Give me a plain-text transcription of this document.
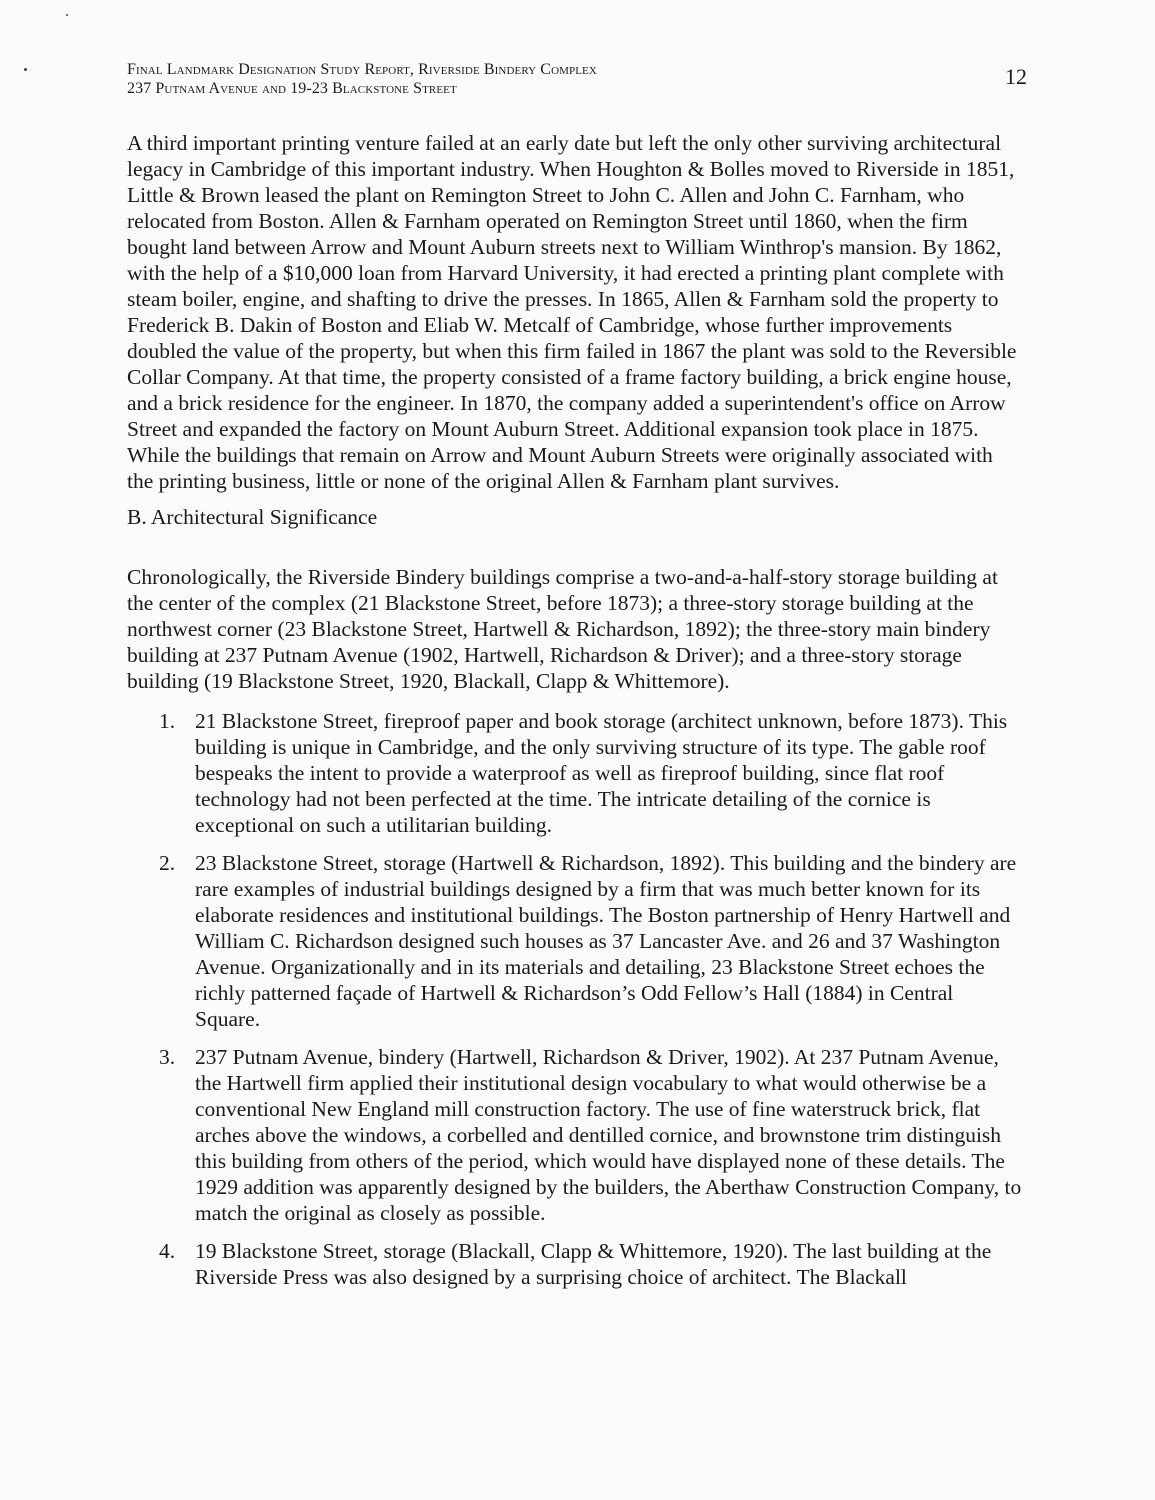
Final Landmark Designation Study Report, Riverside Bindery Complex
237 Putnam Avenue and 19-23 Blackstone Street	12

A third important printing venture failed at an early date but left the only other surviving architectural legacy in Cambridge of this important industry. When Houghton & Bolles moved to Riverside in 1851, Little & Brown leased the plant on Remington Street to John C. Allen and John C. Farnham, who relocated from Boston. Allen & Farnham operated on Remington Street until 1860, when the firm bought land between Arrow and Mount Auburn streets next to William Winthrop's mansion. By 1862, with the help of a $10,000 loan from Harvard University, it had erected a printing plant complete with steam boiler, engine, and shafting to drive the presses. In 1865, Allen & Farnham sold the property to Frederick B. Dakin of Boston and Eliab W. Metcalf of Cambridge, whose further improvements doubled the value of the property, but when this firm failed in 1867 the plant was sold to the Reversible Collar Company. At that time, the property consisted of a frame factory building, a brick engine house, and a brick residence for the engineer. In 1870, the company added a superintendent's office on Arrow Street and expanded the factory on Mount Auburn Street. Additional expansion took place in 1875. While the buildings that remain on Arrow and Mount Auburn Streets were originally associated with the printing business, little or none of the original Allen & Farnham plant survives.

B. Architectural Significance

Chronologically, the Riverside Bindery buildings comprise a two-and-a-half-story storage building at the center of the complex (21 Blackstone Street, before 1873); a three-story storage building at the northwest corner (23 Blackstone Street, Hartwell & Richardson, 1892); the three-story main bindery building at 237 Putnam Avenue (1902, Hartwell, Richardson & Driver); and a three-story storage building (19 Blackstone Street, 1920, Blackall, Clapp & Whittemore).

1. 21 Blackstone Street, fireproof paper and book storage (architect unknown, before 1873). This building is unique in Cambridge, and the only surviving structure of its type. The gable roof bespeaks the intent to provide a waterproof as well as fireproof building, since flat roof technology had not been perfected at the time. The intricate detailing of the cornice is exceptional on such a utilitarian building.
2. 23 Blackstone Street, storage (Hartwell & Richardson, 1892). This building and the bindery are rare examples of industrial buildings designed by a firm that was much better known for its elaborate residences and institutional buildings. The Boston partnership of Henry Hartwell and William C. Richardson designed such houses as 37 Lancaster Ave. and 26 and 37 Washington Avenue. Organizationally and in its materials and detailing, 23 Blackstone Street echoes the richly patterned façade of Hartwell & Richardson’s Odd Fellow’s Hall (1884) in Central Square.
3. 237 Putnam Avenue, bindery (Hartwell, Richardson & Driver, 1902). At 237 Putnam Avenue, the Hartwell firm applied their institutional design vocabulary to what would otherwise be a conventional New England mill construction factory. The use of fine waterstruck brick, flat arches above the windows, a corbelled and dentilled cornice, and brownstone trim distinguish this building from others of the period, which would have displayed none of these details. The 1929 addition was apparently designed by the builders, the Aberthaw Construction Company, to match the original as closely as possible.
4. 19 Blackstone Street, storage (Blackall, Clapp & Whittemore, 1920). The last building at the Riverside Press was also designed by a surprising choice of architect. The Blackall
